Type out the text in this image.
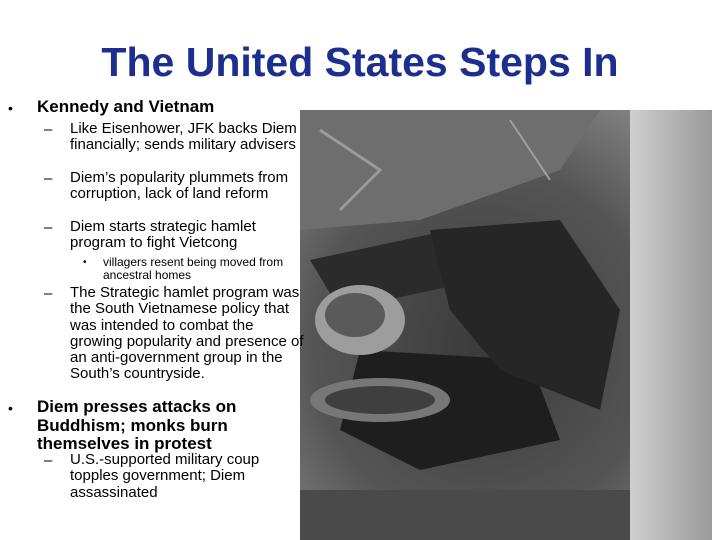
The United States Steps In
• Kennedy and Vietnam
– Like Eisenhower, JFK backs Diem financially; sends military advisers
– Diem’s popularity plummets from corruption, lack of land reform
– Diem starts strategic hamlet program to fight Vietcong
• villagers resent being moved from ancestral homes
– The Strategic hamlet program was the South Vietnamese policy that was intended to combat the growing popularity and presence of an anti-government group in the South’s countryside.
• Diem presses attacks on Buddhism; monks burn themselves in protest
– U.S.-supported military coup topples government; Diem assassinated
